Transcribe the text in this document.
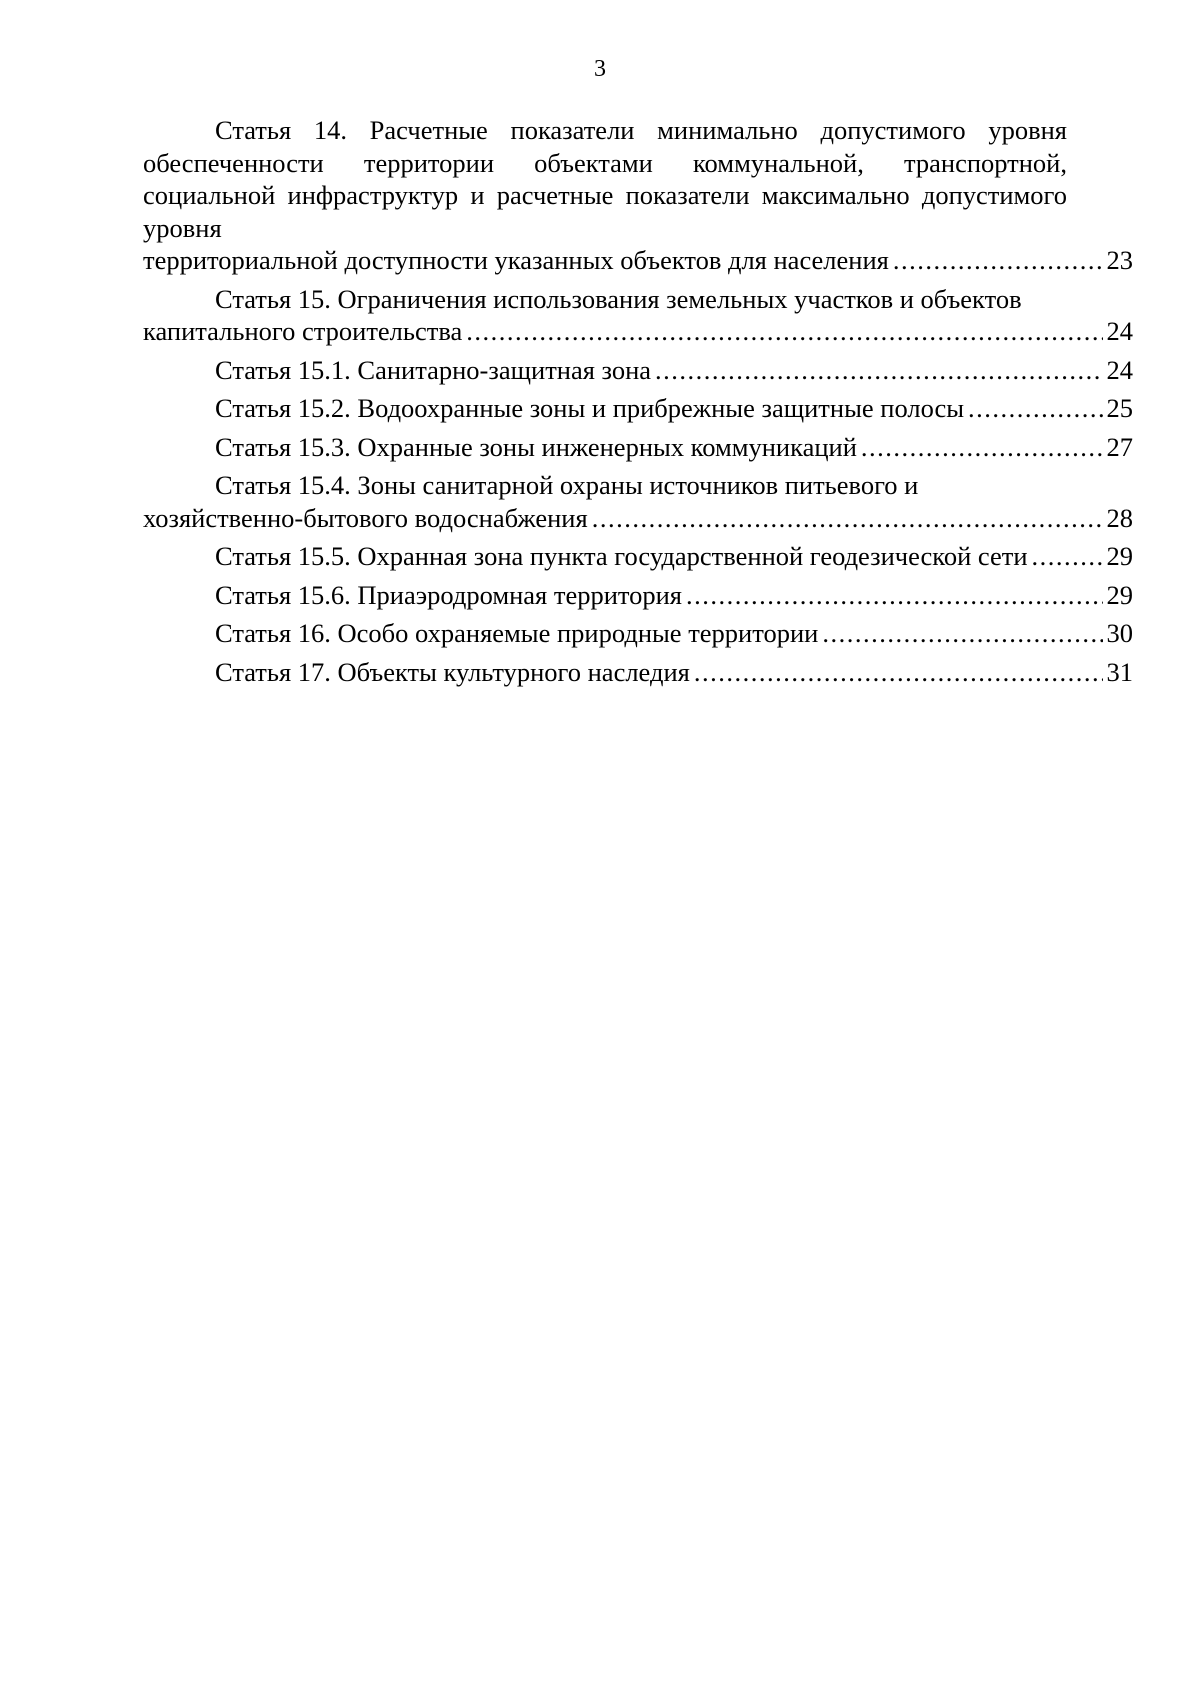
3
Статья 14. Расчетные показатели минимально допустимого уровня обеспеченности территории объектами коммунальной, транспортной, социальной инфраструктур и расчетные показатели максимально допустимого уровня
территориальной доступности указанных объектов для населения .....	23
Статья 15. Ограничения использования земельных участков и объектов
капитального строительства .....	24
Статья 15.1. Санитарно-защитная зона .....	24
Статья 15.2. Водоохранные зоны и прибрежные защитные полосы .....	25
Статья 15.3. Охранные зоны инженерных коммуникаций .....	27
Статья 15.4. Зоны санитарной охраны источников питьевого и
хозяйственно-бытового водоснабжения .....	28
Статья 15.5. Охранная зона пункта государственной геодезической сети .....	29
Статья 15.6. Приаэродромная территория .....	29
Статья 16. Особо охраняемые природные территории .....	30
Статья 17. Объекты культурного наследия .....	31
